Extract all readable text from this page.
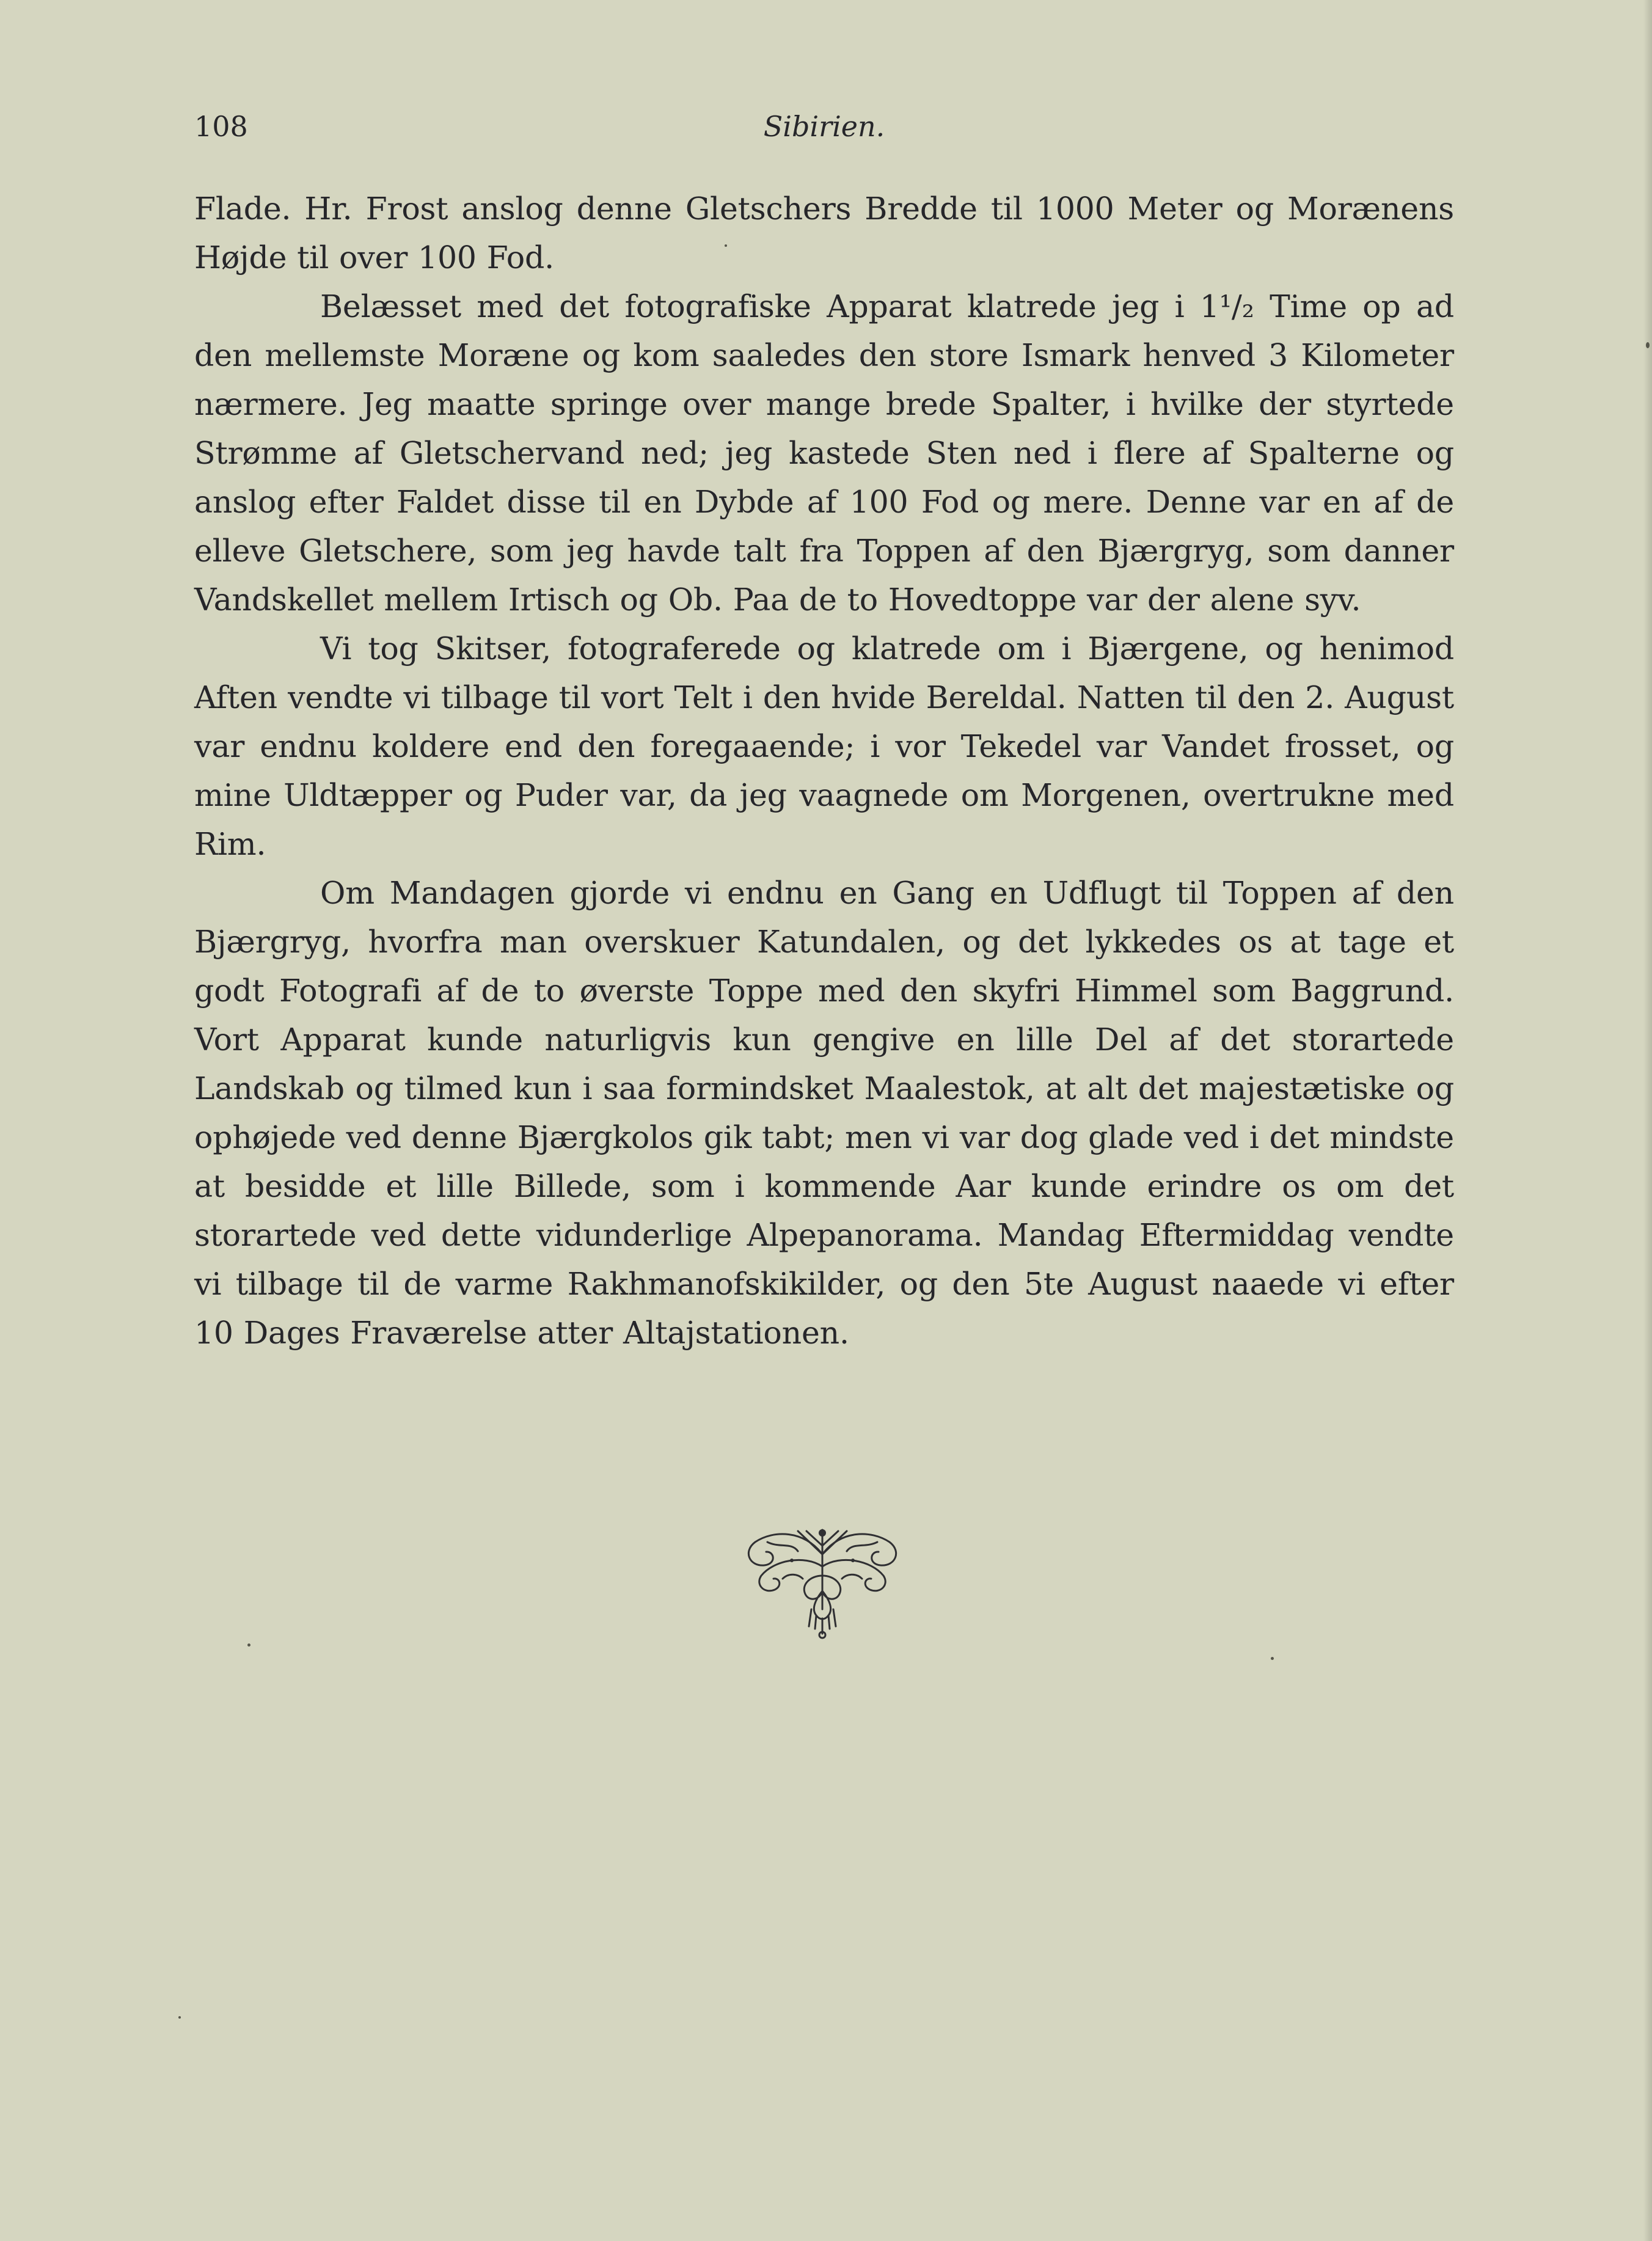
108	Sibirien.

Flade. Hr. Frost anslog denne Gletschers Bredde til 1000 Meter og Morænens Højde til over 100 Fod.

Belæsset med det fotografiske Apparat klatrede jeg i 1¹/₂ Time op ad den mellemste Moræne og kom saaledes den store Ismark henved 3 Kilometer nærmere. Jeg maatte springe over mange brede Spalter, i hvilke der styrtede Strømme af Gletschervand ned; jeg kastede Sten ned i flere af Spalterne og anslog efter Faldet disse til en Dybde af 100 Fod og mere. Denne var en af de elleve Gletschere, som jeg havde talt fra Toppen af den Bjærgryg, som danner Vandskellet mellem Irtisch og Ob. Paa de to Hovedtoppe var der alene syv.

Vi tog Skitser, fotograferede og klatrede om i Bjærgene, og henimod Aften vendte vi tilbage til vort Telt i den hvide Bereldal. Natten til den 2. August var endnu koldere end den foregaaende; i vor Tekedel var Vandet frosset, og mine Uldtæpper og Puder var, da jeg vaagnede om Morgenen, overtrukne med Rim.

Om Mandagen gjorde vi endnu en Gang en Udflugt til Toppen af den Bjærgryg, hvorfra man overskuer Katundalen, og det lykkedes os at tage et godt Fotografi af de to øverste Toppe med den skyfri Himmel som Baggrund. Vort Apparat kunde naturligvis kun gengive en lille Del af det storartede Landskab og tilmed kun i saa formindsket Maalestok, at alt det majestætiske og ophøjede ved denne Bjærgkolos gik tabt; men vi var dog glade ved i det mindste at besidde et lille Billede, som i kommende Aar kunde erindre os om det storartede ved dette vidunderlige Alpepanorama. Mandag Eftermiddag vendte vi tilbage til de varme Rakhmanofskikilder, og den 5te August naaede vi efter 10 Dages Fraværelse atter Altajstationen.
